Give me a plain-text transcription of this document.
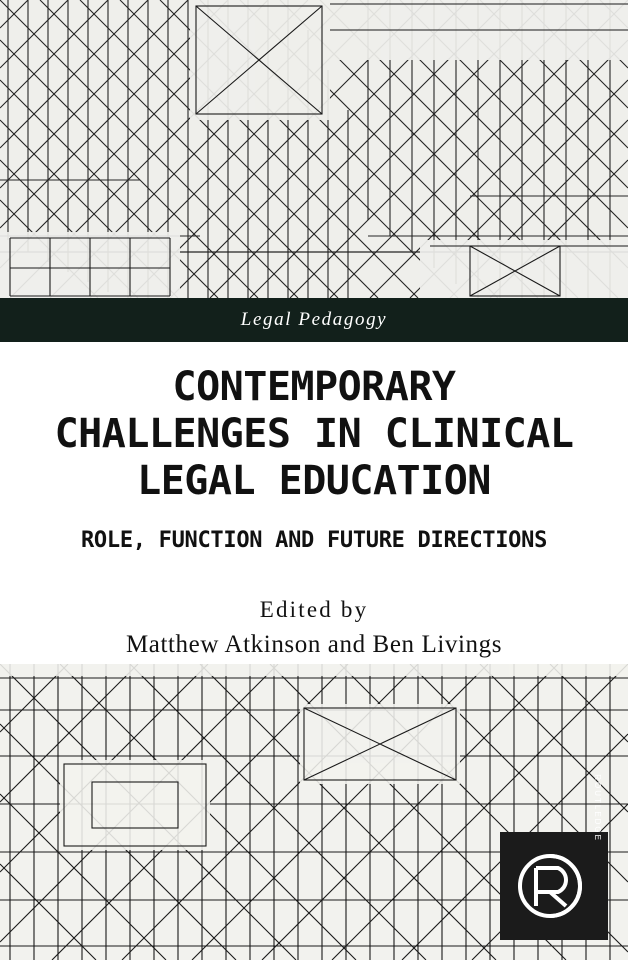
Legal Pedagogy
CONTEMPORARY
CHALLENGES IN CLINICAL
LEGAL EDUCATION
ROLE, FUNCTION AND FUTURE DIRECTIONS
Edited by
Matthew Atkinson and Ben Livings
ROUTLEDGE
